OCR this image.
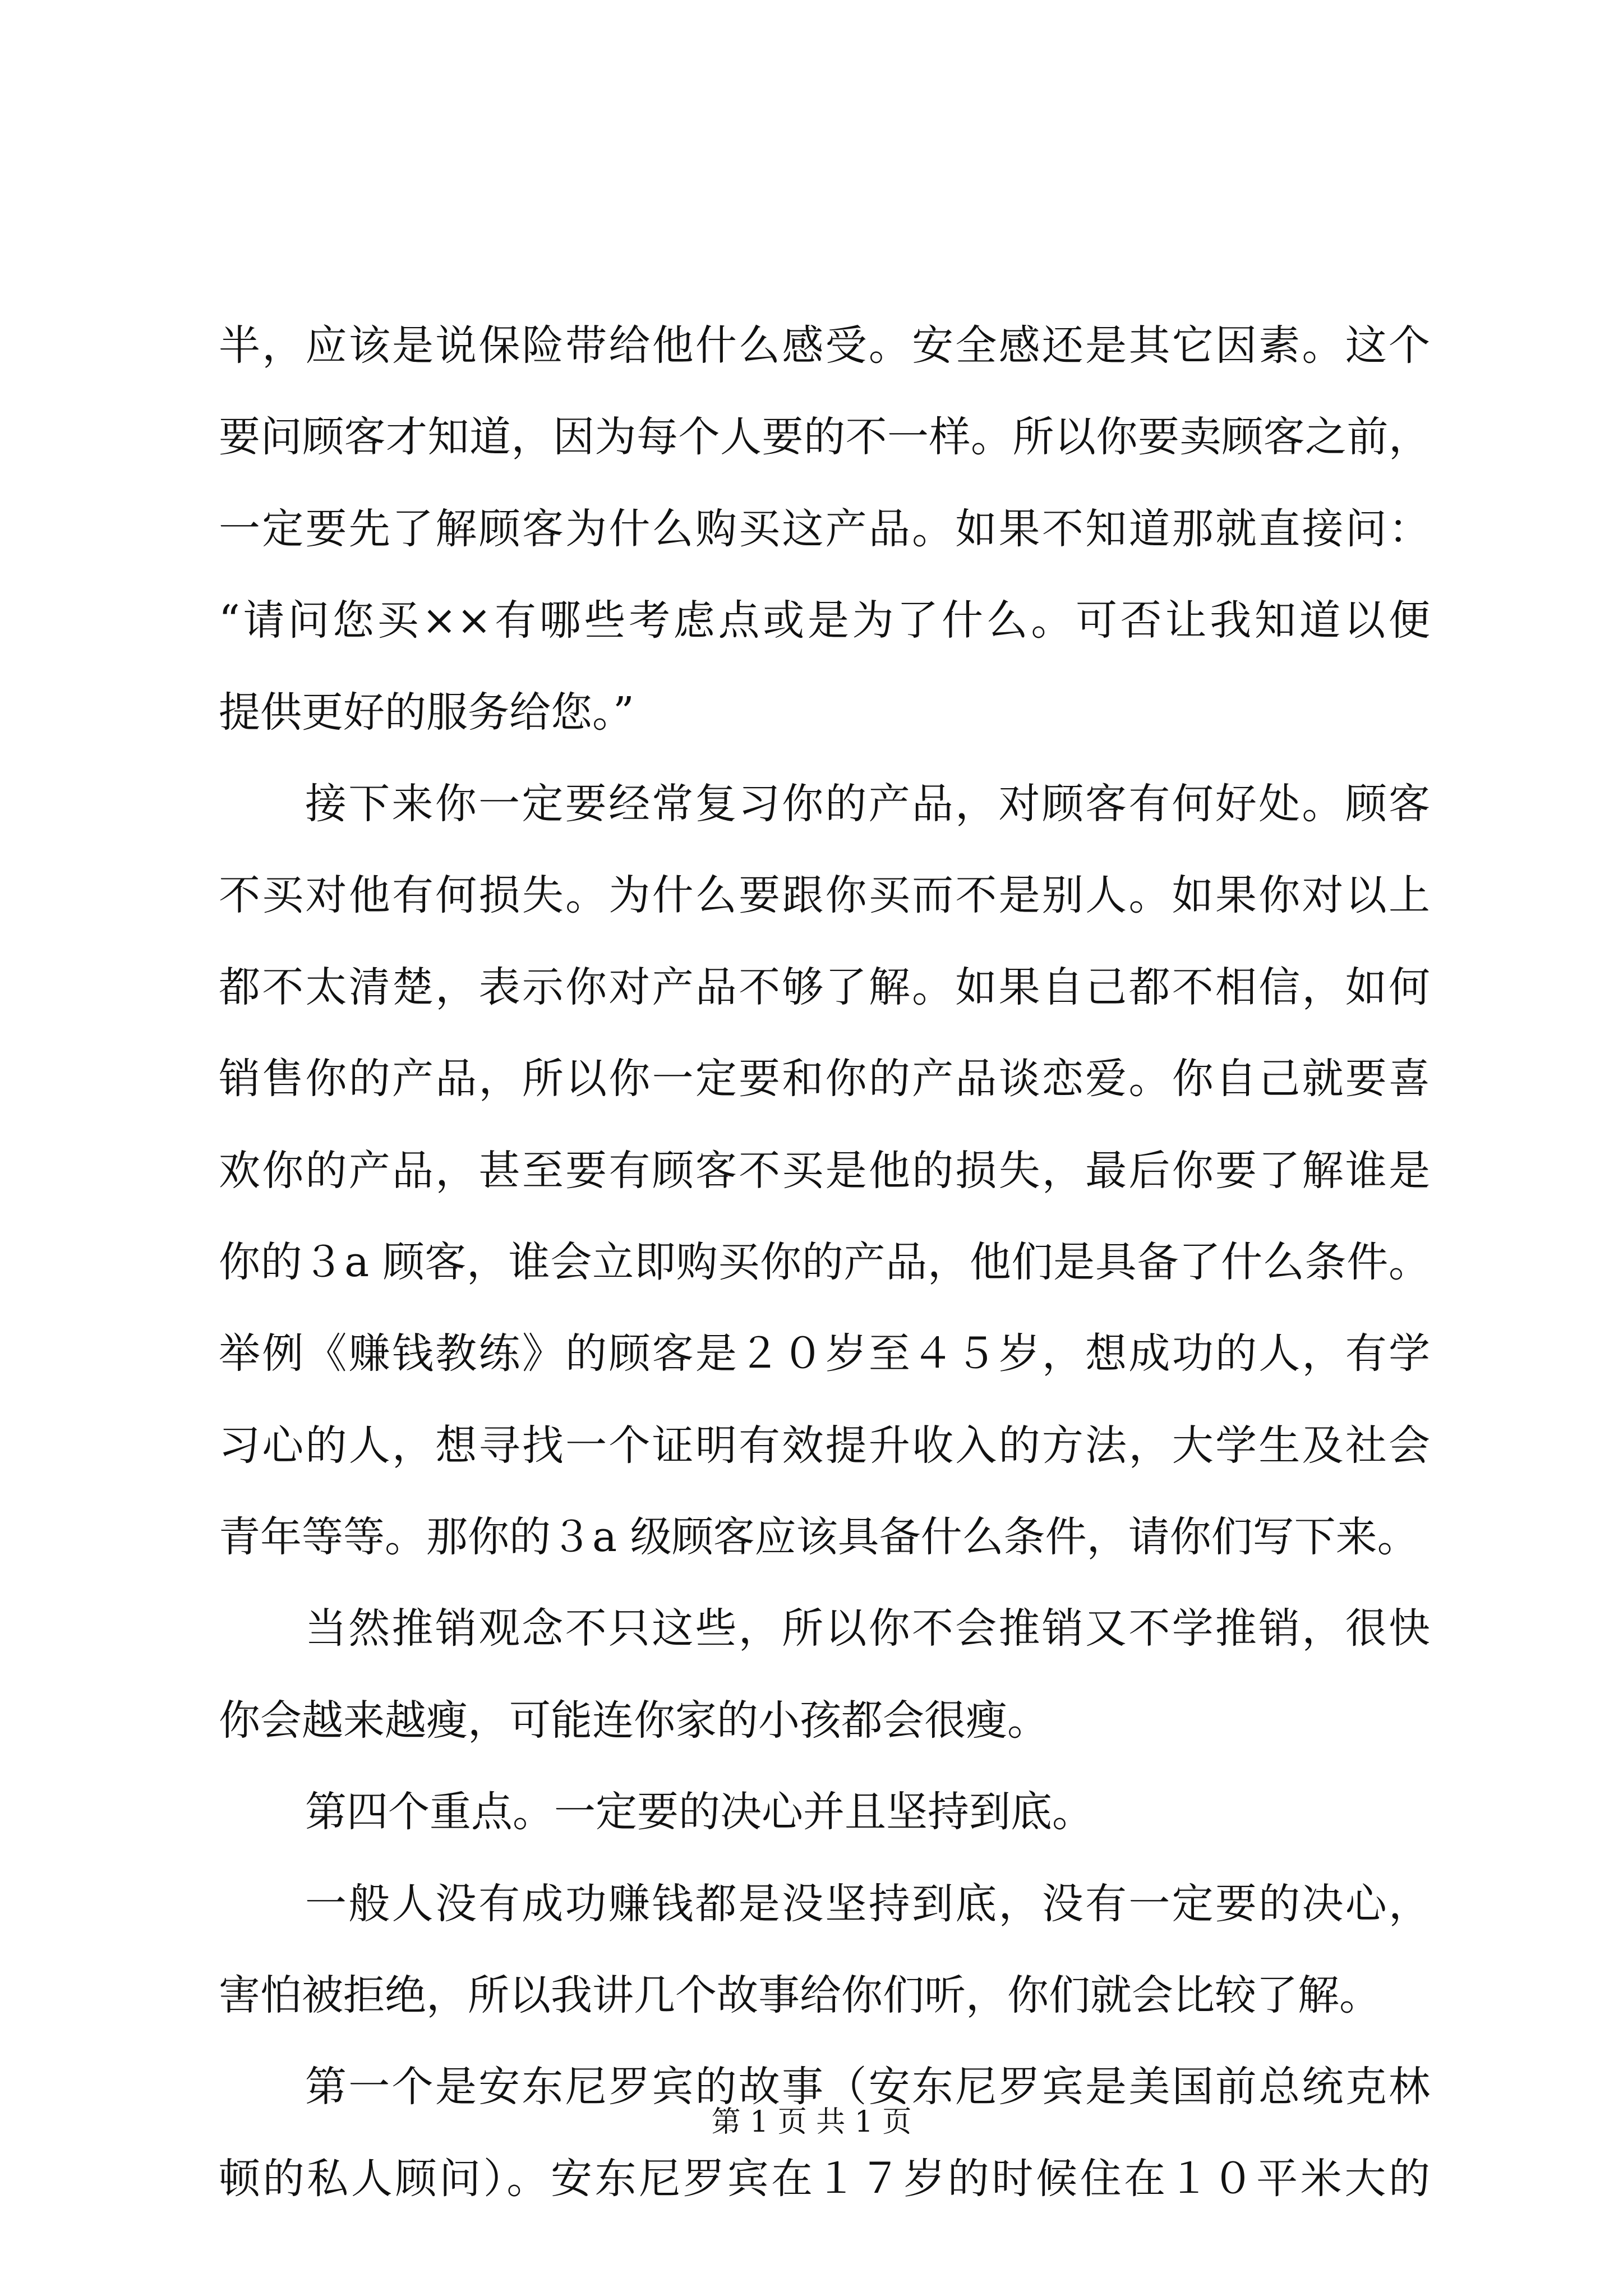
半，应该是说保险带给他什么感受。安全感还是其它因素。这个
要问顾客才知道，因为每个人要的不一样。所以你要卖顾客之前，
一定要先了解顾客为什么购买这产品。如果不知道那就直接问：
“请问您买××有哪些考虑点或是为了什么。可否让我知道以便
提供更好的服务给您。”
接下来你一定要经常复习你的产品，对顾客有何好处。顾客
不买对他有何损失。为什么要跟你买而不是别人。如果你对以上
都不太清楚，表示你对产品不够了解。如果自己都不相信，如何
销售你的产品，所以你一定要和你的产品谈恋爱。你自己就要喜
欢你的产品，甚至要有顾客不买是他的损失，最后你要了解谁是
你的３a 顾客，谁会立即购买你的产品，他们是具备了什么条件。
举例《赚钱教练》的顾客是２０岁至４５岁，想成功的人，有学
习心的人，想寻找一个证明有效提升收入的方法，大学生及社会
青年等等。那你的３a 级顾客应该具备什么条件，请你们写下来。
当然推销观念不只这些，所以你不会推销又不学推销，很快
你会越来越瘦，可能连你家的小孩都会很瘦。
第四个重点。一定要的决心并且坚持到底。
一般人没有成功赚钱都是没坚持到底，没有一定要的决心，
害怕被拒绝，所以我讲几个故事给你们听，你们就会比较了解。
第一个是安东尼罗宾的故事（安东尼罗宾是美国前总统克林
顿的私人顾问）。安东尼罗宾在１７岁的时候住在１０平米大的
第 1 页 共 1 页
